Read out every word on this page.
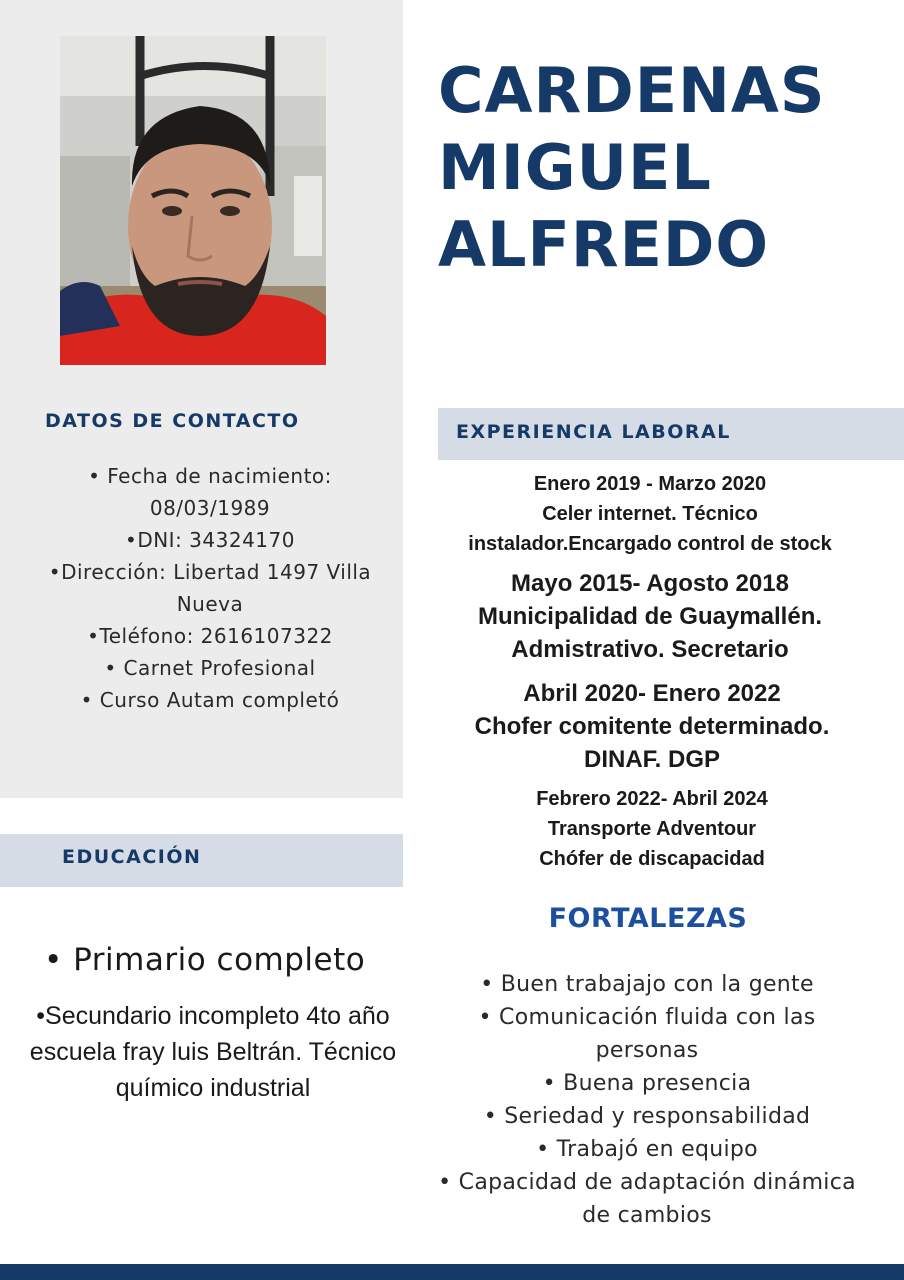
CARDENAS
MIGUEL
ALFREDO
DATOS DE CONTACTO
• Fecha de nacimiento: 08/03/1989
•DNI: 34324170
•Dirección: Libertad 1497 Villa Nueva
•Teléfono: 2616107322
• Carnet Profesional
• Curso Autam completó
EXPERIENCIA LABORAL
Enero 2019 - Marzo 2020
Celer internet. Técnico
instalador.Encargado control de stock
Mayo 2015- Agosto 2018
Municipalidad de Guaymallén.
Admistrativo. Secretario
Abril 2020- Enero 2022
Chofer comitente determinado.
DINAF. DGP
Febrero 2022- Abril 2024
Transporte Adventour
Chófer de discapacidad
EDUCACIÓN
• Primario completo
•Secundario incompleto 4to año escuela fray luis Beltrán. Técnico químico industrial
FORTALEZAS
• Buen trabajajo con la gente
• Comunicación fluida con las personas
• Buena presencia
• Seriedad y responsabilidad
• Trabajó en equipo
• Capacidad de adaptación dinámica de cambios
